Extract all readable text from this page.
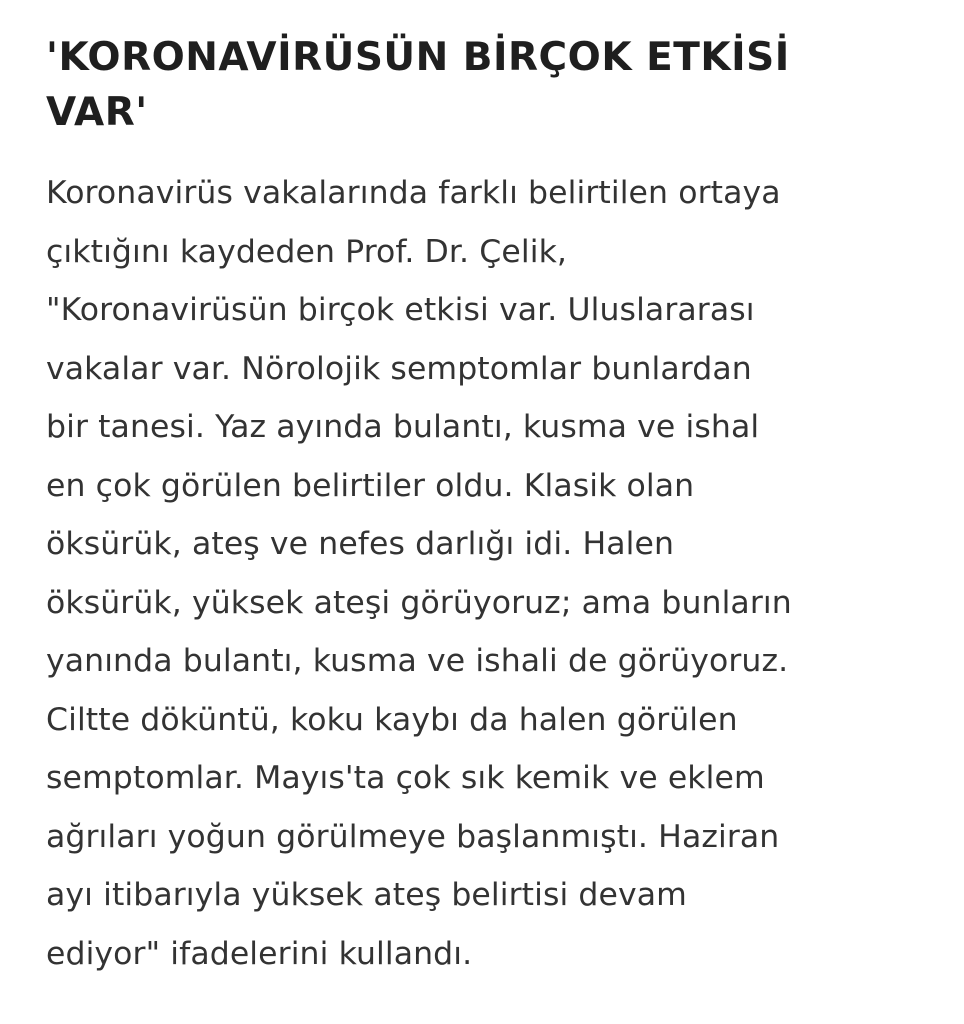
'KORONAVİRÜSÜN BİRÇOK ETKİSİ VAR'

Koronavirüs vakalarında farklı belirtilen ortaya
çıktığını kaydeden Prof. Dr. Çelik,
"Koronavirüsün birçok etkisi var. Uluslararası
vakalar var. Nörolojik semptomlar bunlardan
bir tanesi. Yaz ayında bulantı, kusma ve ishal
en çok görülen belirtiler oldu. Klasik olan
öksürük, ateş ve nefes darlığı idi. Halen
öksürük, yüksek ateşi görüyoruz; ama bunların
yanında bulantı, kusma ve ishali de görüyoruz.
Ciltte döküntü, koku kaybı da halen görülen
semptomlar. Mayıs'ta çok sık kemik ve eklem
ağrıları yoğun görülmeye başlanmıştı. Haziran
ayı itibarıyla yüksek ateş belirtisi devam
ediyor" ifadelerini kullandı.
